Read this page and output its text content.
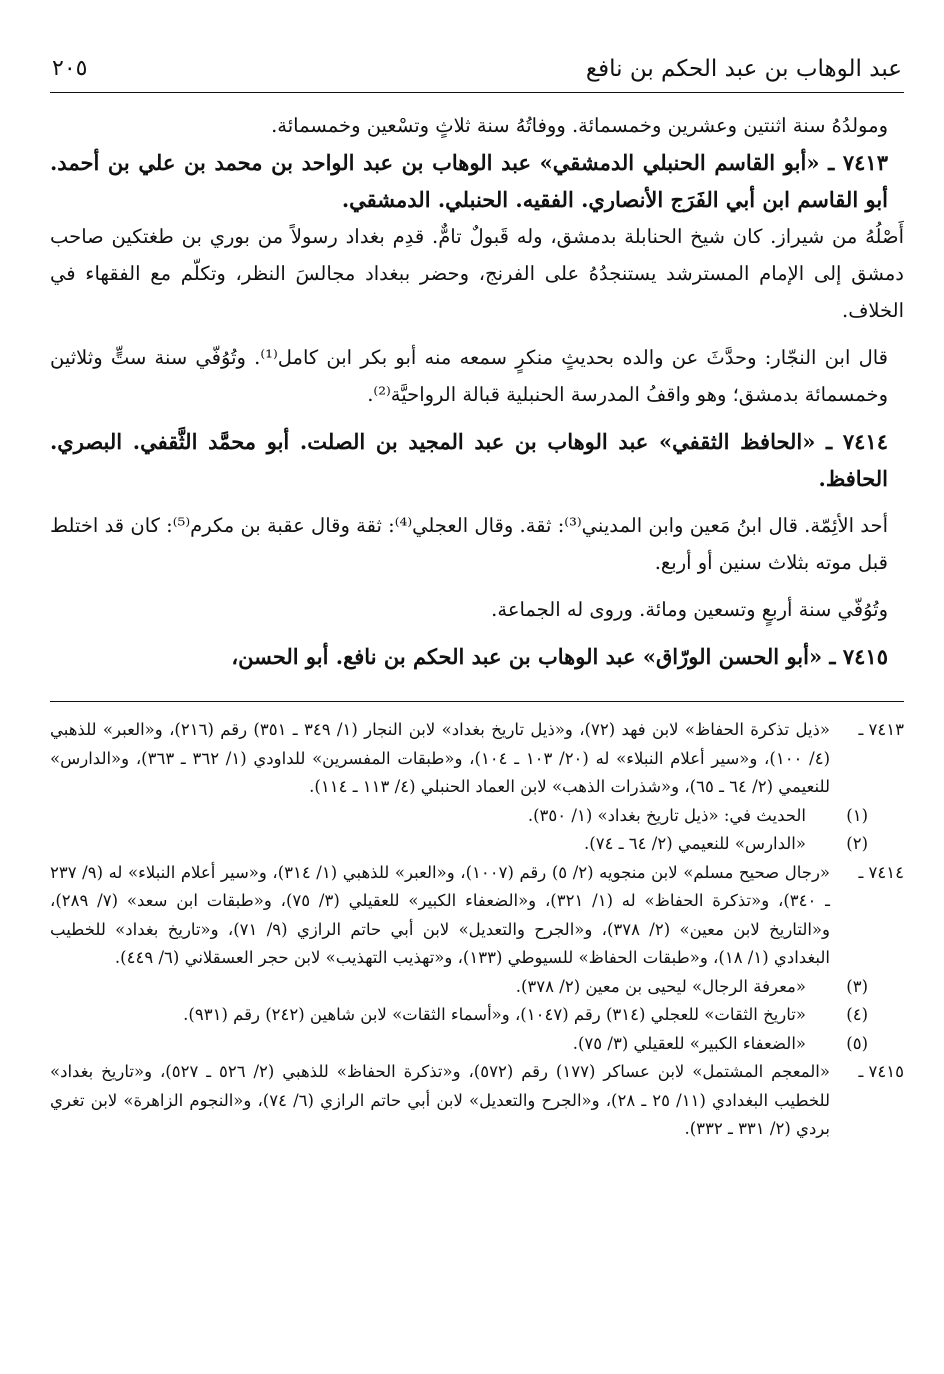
عبد الوهاب بن عبد الحكم بن نافع
٢٠٥

ومولدُهُ سنة اثنتين وعشرين وخمسمائة. ووفاتُهُ سنة ثلاثٍ وتسْعين وخمسمائة.

٧٤١٣ ـ «أبو القاسم الحنبلي الدمشقي» عبد الوهاب بن عبد الواحد بن محمد بن علي بن أحمد. أبو القاسم ابن أبي الفَرَج الأنصاري. الفقيه. الحنبلي. الدمشقي.

أَصْلُهُ من شيراز. كان شيخ الحنابلة بدمشق، وله قَبولٌ تامٌّ. قدِم بغداد رسولاً من بوري بن طغتكين صاحب دمشق إلى الإمام المسترشد يستنجدُهُ على الفرنج، وحضر ببغداد مجالسَ النظر، وتكلّم مع الفقهاء في الخلاف.

قال ابن النجّار: وحدَّثَ عن والده بحديثٍ منكرٍ سمعه منه أبو بكر ابن كامل⁽¹⁾. وتُوُفّي سنة ستٍّ وثلاثين وخمسمائة بدمشق؛ وهو واقفُ المدرسة الحنبلية قبالة الرواحيَّة⁽²⁾.

٧٤١٤ ـ «الحافظ الثقفي» عبد الوهاب بن عبد المجيد بن الصلت. أبو محمَّد الثَّقفي. البصري. الحافظ.

أحد الأئِمّة. قال ابنُ مَعين وابن المديني⁽³⁾: ثقة. وقال العجلي⁽⁴⁾: ثقة وقال عقبة بن مكرم⁽⁵⁾: كان قد اختلط قبل موته بثلاث سنين أو أربع.

وتُوُفّي سنة أربعٍ وتسعين ومائة. وروى له الجماعة.

٧٤١٥ ـ «أبو الحسن الورّاق» عبد الوهاب بن عبد الحكم بن نافع. أبو الحسن،

٧٤١٣ ـ
«ذيل تذكرة الحفاظ» لابن فهد (٧٢)، و«ذيل تاريخ بغداد» لابن النجار (١/ ٣٤٩ ـ ٣٥١) رقم (٢١٦)، و«العبر» للذهبي (٤/ ١٠٠)، و«سير أعلام النبلاء» له (٢٠/ ١٠٣ ـ ١٠٤)، و«طبقات المفسرين» للداودي (١/ ٣٦٢ ـ ٣٦٣)، و«الدارس» للنعيمي (٢/ ٦٤ ـ ٦٥)، و«شذرات الذهب» لابن العماد الحنبلي (٤/ ١١٣ ـ ١١٤).
(١)
الحديث في: «ذيل تاريخ بغداد» (١/ ٣٥٠).
(٢)
«الدارس» للنعيمي (٢/ ٦٤ ـ ٧٤).
٧٤١٤ ـ
«رجال صحيح مسلم» لابن منجويه (٢/ ٥) رقم (١٠٠٧)، و«العبر» للذهبي (١/ ٣١٤)، و«سير أعلام النبلاء» له (٩/ ٢٣٧ ـ ٣٤٠)، و«تذكرة الحفاظ» له (١/ ٣٢١)، و«الضعفاء الكبير» للعقيلي (٣/ ٧٥)، و«طبقات ابن سعد» (٧/ ٢٨٩)، و«التاريخ لابن معين» (٢/ ٣٧٨)، و«الجرح والتعديل» لابن أبي حاتم الرازي (٩/ ٧١)، و«تاريخ بغداد» للخطيب البغدادي (١/ ١٨)، و«طبقات الحفاظ» للسيوطي (١٣٣)، و«تهذيب التهذيب» لابن حجر العسقلاني (٦/ ٤٤٩).
(٣)
«معرفة الرجال» ليحيى بن معين (٢/ ٣٧٨).
(٤)
«تاريخ الثقات» للعجلي (٣١٤) رقم (١٠٤٧)، و«أسماء الثقات» لابن شاهين (٢٤٢) رقم (٩٣١).
(٥)
«الضعفاء الكبير» للعقيلي (٣/ ٧٥).
٧٤١٥ ـ
«المعجم المشتمل» لابن عساكر (١٧٧) رقم (٥٧٢)، و«تذكرة الحفاظ» للذهبي (٢/ ٥٢٦ ـ ٥٢٧)، و«تاريخ بغداد» للخطيب البغدادي (١١/ ٢٥ ـ ٢٨)، و«الجرح والتعديل» لابن أبي حاتم الرازي (٦/ ٧٤)، و«النجوم الزاهرة» لابن تغري بردي (٢/ ٣٣١ ـ ٣٣٢).
